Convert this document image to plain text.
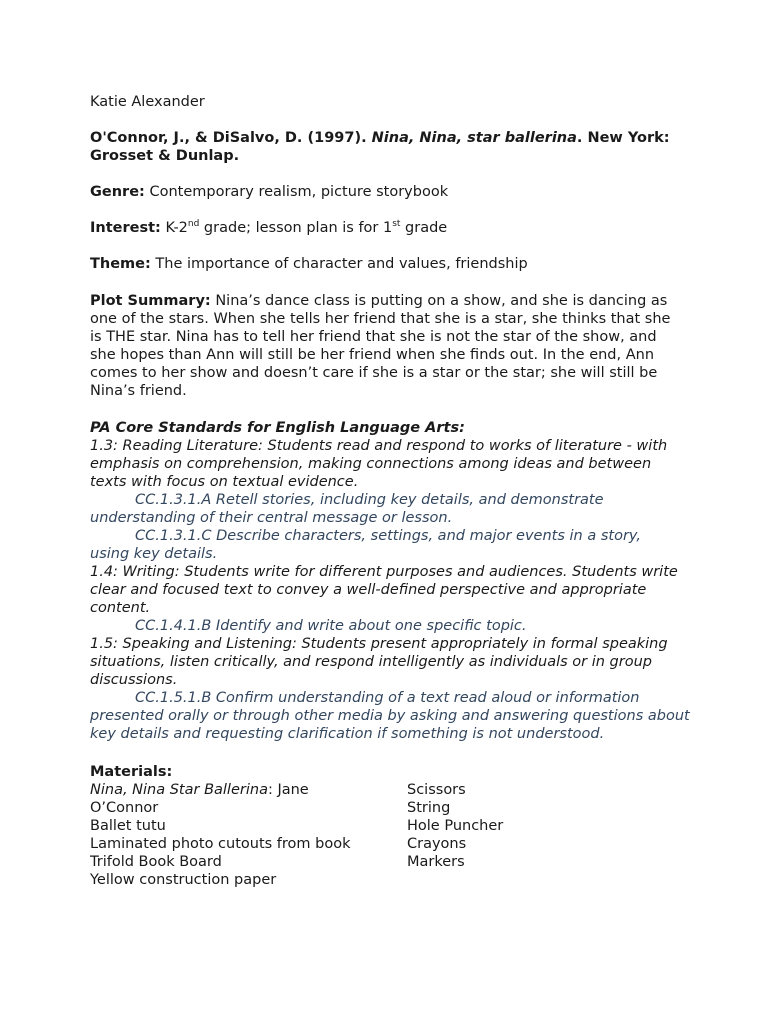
Katie Alexander
O'Connor, J., & DiSalvo, D. (1997). Nina, Nina, star ballerina. New York: Grosset & Dunlap.
Genre: Contemporary realism, picture storybook
Interest: K-2nd grade; lesson plan is for 1st grade
Theme: The importance of character and values, friendship
Plot Summary: Nina’s dance class is putting on a show, and she is dancing as one of the stars. When she tells her friend that she is a star, she thinks that she is THE star. Nina has to tell her friend that she is not the star of the show, and she hopes than Ann will still be her friend when she finds out. In the end, Ann comes to her show and doesn’t care if she is a star or the star; she will still be Nina’s friend.
PA Core Standards for English Language Arts:
1.3: Reading Literature: Students read and respond to works of literature - with emphasis on comprehension, making connections among ideas and between texts with focus on textual evidence.
CC.1.3.1.A Retell stories, including key details, and demonstrate
understanding of their central message or lesson.
CC.1.3.1.C Describe characters, settings, and major events in a story,
using key details.
1.4: Writing: Students write for different purposes and audiences. Students write clear and focused text to convey a well-defined perspective and appropriate content.
CC.1.4.1.B Identify and write about one specific topic.
1.5: Speaking and Listening: Students present appropriately in formal speaking situations, listen critically, and respond intelligently as individuals or in group discussions.
CC.1.5.1.B Confirm understanding of a text read aloud or information
presented orally or through other media by asking and answering questions about key details and requesting clarification if something is not understood.
Materials:
Nina, Nina Star Ballerina: Jane
O’Connor
Ballet tutu
Laminated photo cutouts from book
Trifold Book Board
Yellow construction paper
Scissors
String
Hole Puncher
Crayons
Markers
